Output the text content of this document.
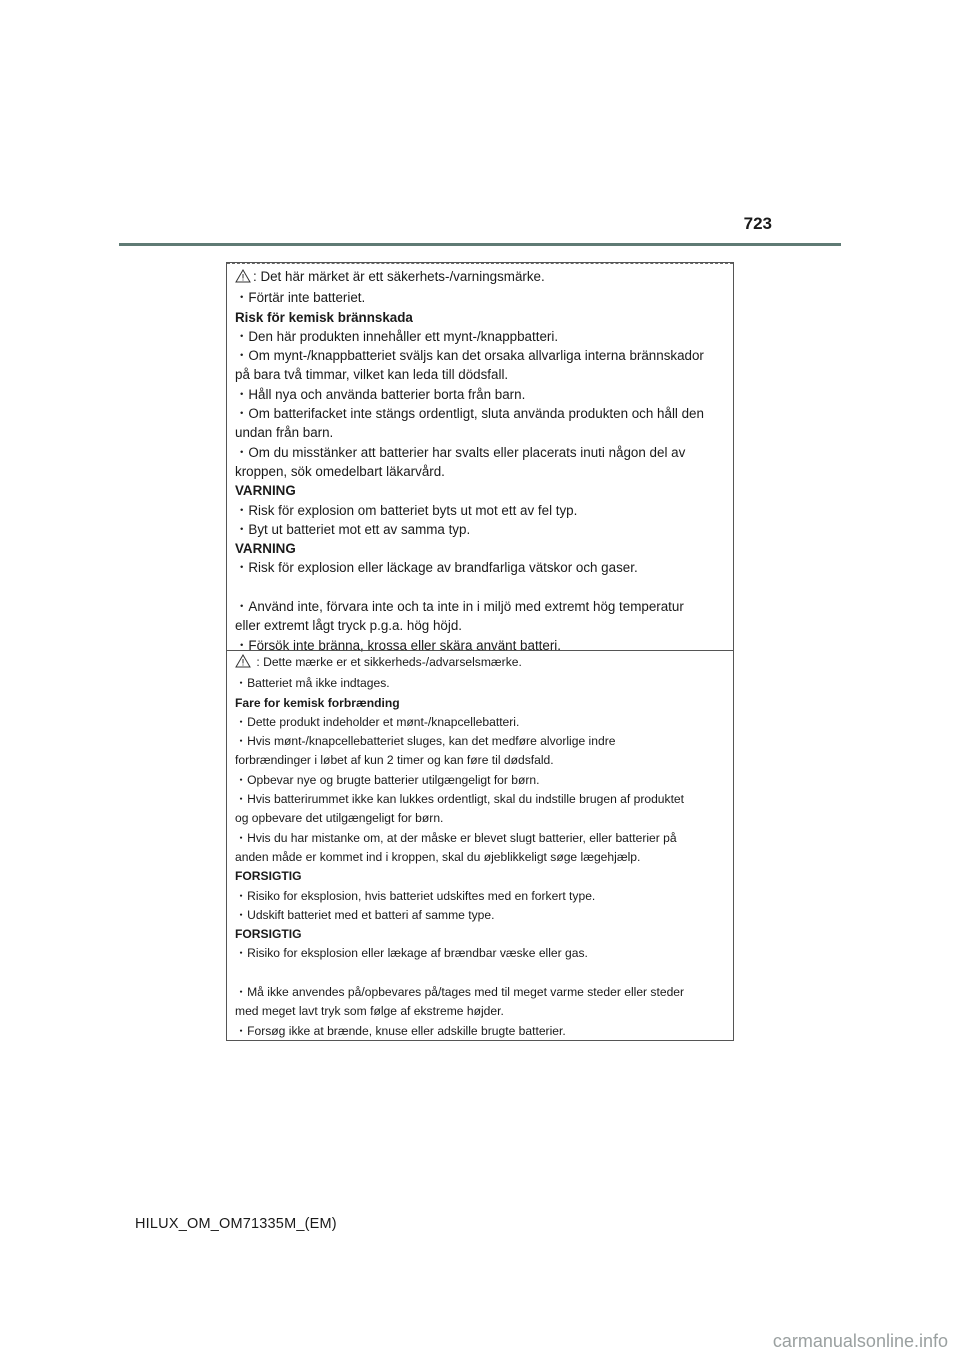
723

: Det här märket är ett säkerhets-/varningsmärke.

・Förtär inte batteriet.

Risk för kemisk brännskada

・Den här produkten innehåller ett mynt-/knappbatteri.

・Om mynt-/knappbatteriet sväljs kan det orsaka allvarliga interna brännskador

på bara två timmar, vilket kan leda till dödsfall.

・Håll nya och använda batterier borta från barn.

・Om batterifacket inte stängs ordentligt, sluta använda produkten och håll den

undan från barn.

・Om du misstänker att batterier har svalts eller placerats inuti någon del av

kroppen, sök omedelbart läkarvård.

VARNING

・Risk för explosion om batteriet byts ut mot ett av fel typ.

・Byt ut batteriet mot ett av samma typ.

VARNING

・Risk för explosion eller läckage av brandfarliga vätskor och gaser.

・Använd inte, förvara inte och ta inte in i miljö med extremt hög temperatur

eller extremt lågt tryck p.g.a. hög höjd.

・Försök inte bränna, krossa eller skära använt batteri.

: Dette mærke er et sikkerheds-/advarselsmærke.

・Batteriet må ikke indtages.

Fare for kemisk forbrænding

・Dette produkt indeholder et mønt-/knapcellebatteri.

・Hvis mønt-/knapcellebatteriet sluges, kan det medføre alvorlige indre

forbrændinger i løbet af kun 2 timer og kan føre til dødsfald.

・Opbevar nye og brugte batterier utilgængeligt for børn.

・Hvis batterirummet ikke kan lukkes ordentligt, skal du indstille brugen af produktet

og opbevare det utilgængeligt for børn.

・Hvis du har mistanke om, at der måske er blevet slugt batterier, eller batterier på

anden måde er kommet ind i kroppen, skal du øjeblikkeligt søge lægehjælp.

FORSIGTIG

・Risiko for eksplosion, hvis batteriet udskiftes med en forkert type.

・Udskift batteriet med et batteri af samme type.

FORSIGTIG

・Risiko for eksplosion eller lækage af brændbar væske eller gas.

・Må ikke anvendes på/opbevares på/tages med til meget varme steder eller steder

med meget lavt tryk som følge af ekstreme højder.

・Forsøg ikke at brænde, knuse eller adskille brugte batterier.

HILUX_OM_OM71335M_(EM)
carmanualsonline.info
